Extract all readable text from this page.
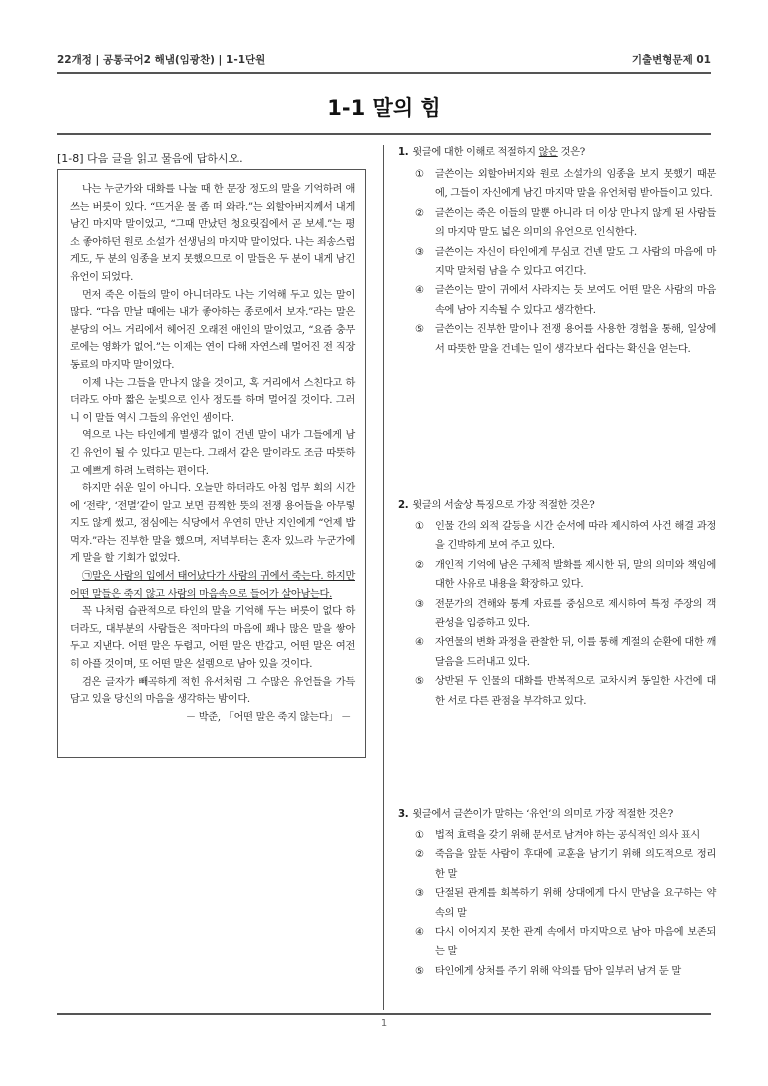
22개정 | 공통국어2 해냄(임광찬) | 1-1단원	기출변형문제 01
1-1 말의 힘
[1-8] 다음 글을 읽고 물음에 답하시오.

나는 누군가와 대화를 나눌 때 한 문장 정도의 말을 기억하려 애쓰는 버릇이 있다. “뜨거운 물 좀 떠 와라.”는 외할아버지께서 내게 남긴 마지막 말이었고, “그때 만났던 청요릿집에서 곧 보세.”는 평소 좋아하던 원로 소설가 선생님의 마지막 말이었다. 나는 죄송스럽게도, 두 분의 임종을 보지 못했으므로 이 말들은 두 분이 내게 남긴 유언이 되었다.

먼저 죽은 이들의 말이 아니더라도 나는 기억해 두고 있는 말이 많다. “다음 만날 때에는 내가 좋아하는 종로에서 보자.”라는 말은 분당의 어느 거리에서 헤어진 오래전 애인의 말이었고, “요즘 충무로에는 영화가 없어.”는 이제는 연이 다해 자연스레 멀어진 전 직장 동료의 마지막 말이었다.

이제 나는 그들을 만나지 않을 것이고, 혹 거리에서 스친다고 하더라도 아마 짧은 눈빛으로 인사 정도를 하며 멀어질 것이다. 그러니 이 말들 역시 그들의 유언인 셈이다.

역으로 나는 타인에게 별생각 없이 건넨 말이 내가 그들에게 남긴 유언이 될 수 있다고 믿는다. 그래서 같은 말이라도 조금 따뜻하고 예쁘게 하려 노력하는 편이다.

하지만 쉬운 일이 아니다. 오늘만 하더라도 아침 업무 회의 시간에 ‘전략’, ‘전멸’같이 알고 보면 끔찍한 뜻의 전쟁 용어들을 아무렇지도 않게 썼고, 점심에는 식당에서 우연히 만난 지인에게 “언제 밥 먹자.”라는 진부한 말을 했으며, 저녁부터는 혼자 있느라 누군가에게 말을 할 기회가 없었다.

㉠말은 사람의 입에서 태어났다가 사람의 귀에서 죽는다. 하지만 어떤 말들은 죽지 않고 사람의 마음속으로 들어가 살아남는다.

꼭 나처럼 습관적으로 타인의 말을 기억해 두는 버릇이 없다 하더라도, 대부분의 사람들은 적마다의 마음에 꽤나 많은 말을 쌓아 두고 지낸다. 어떤 말은 두렵고, 어떤 말은 반갑고, 어떤 말은 여전히 아플 것이며, 또 어떤 말은 설렘으로 남아 있을 것이다.

검은 글자가 빼곡하게 적힌 유서처럼 그 수많은 유언들을 가득 담고 있을 당신의 마음을 생각하는 밤이다.

－ 박준, 「어떤 말은 죽지 않는다」 －

1. 윗글에 대한 이해로 적절하지 않은 것은?
①	글쓴이는 외할아버지와 원로 소설가의 임종을 보지 못했기 때문에, 그들이 자신에게 남긴 마지막 말을 유언처럼 받아들이고 있다.
②	글쓴이는 죽은 이들의 말뿐 아니라 더 이상 만나지 않게 된 사람들의 마지막 말도 넓은 의미의 유언으로 인식한다.
③	글쓴이는 자신이 타인에게 무심코 건넨 말도 그 사람의 마음에 마지막 말처럼 남을 수 있다고 여긴다.
④	글쓴이는 말이 귀에서 사라지는 듯 보여도 어떤 말은 사람의 마음속에 남아 지속될 수 있다고 생각한다.
⑤	글쓴이는 진부한 말이나 전쟁 용어를 사용한 경험을 통해, 일상에서 따뜻한 말을 건네는 일이 생각보다 쉽다는 확신을 얻는다.
2. 윗글의 서술상 특징으로 가장 적절한 것은?
①	인물 간의 외적 갈등을 시간 순서에 따라 제시하여 사건 해결 과정을 긴박하게 보여 주고 있다.
②	개인적 기억에 남은 구체적 발화를 제시한 뒤, 말의 의미와 책임에 대한 사유로 내용을 확장하고 있다.
③	전문가의 견해와 통계 자료를 중심으로 제시하여 특정 주장의 객관성을 입증하고 있다.
④	자연물의 변화 과정을 관찰한 뒤, 이를 통해 계절의 순환에 대한 깨달음을 드러내고 있다.
⑤	상반된 두 인물의 대화를 반복적으로 교차시켜 동일한 사건에 대한 서로 다른 관점을 부각하고 있다.
3. 윗글에서 글쓴이가 말하는 ‘유언’의 의미로 가장 적절한 것은?
①	법적 효력을 갖기 위해 문서로 남겨야 하는 공식적인 의사 표시
②	죽음을 앞둔 사람이 후대에 교훈을 남기기 위해 의도적으로 정리한 말
③	단절된 관계를 회복하기 위해 상대에게 다시 만남을 요구하는 약속의 말
④	다시 이어지지 못한 관계 속에서 마지막으로 남아 마음에 보존되는 말
⑤	타인에게 상처를 주기 위해 악의를 담아 일부러 남겨 둔 말
1
